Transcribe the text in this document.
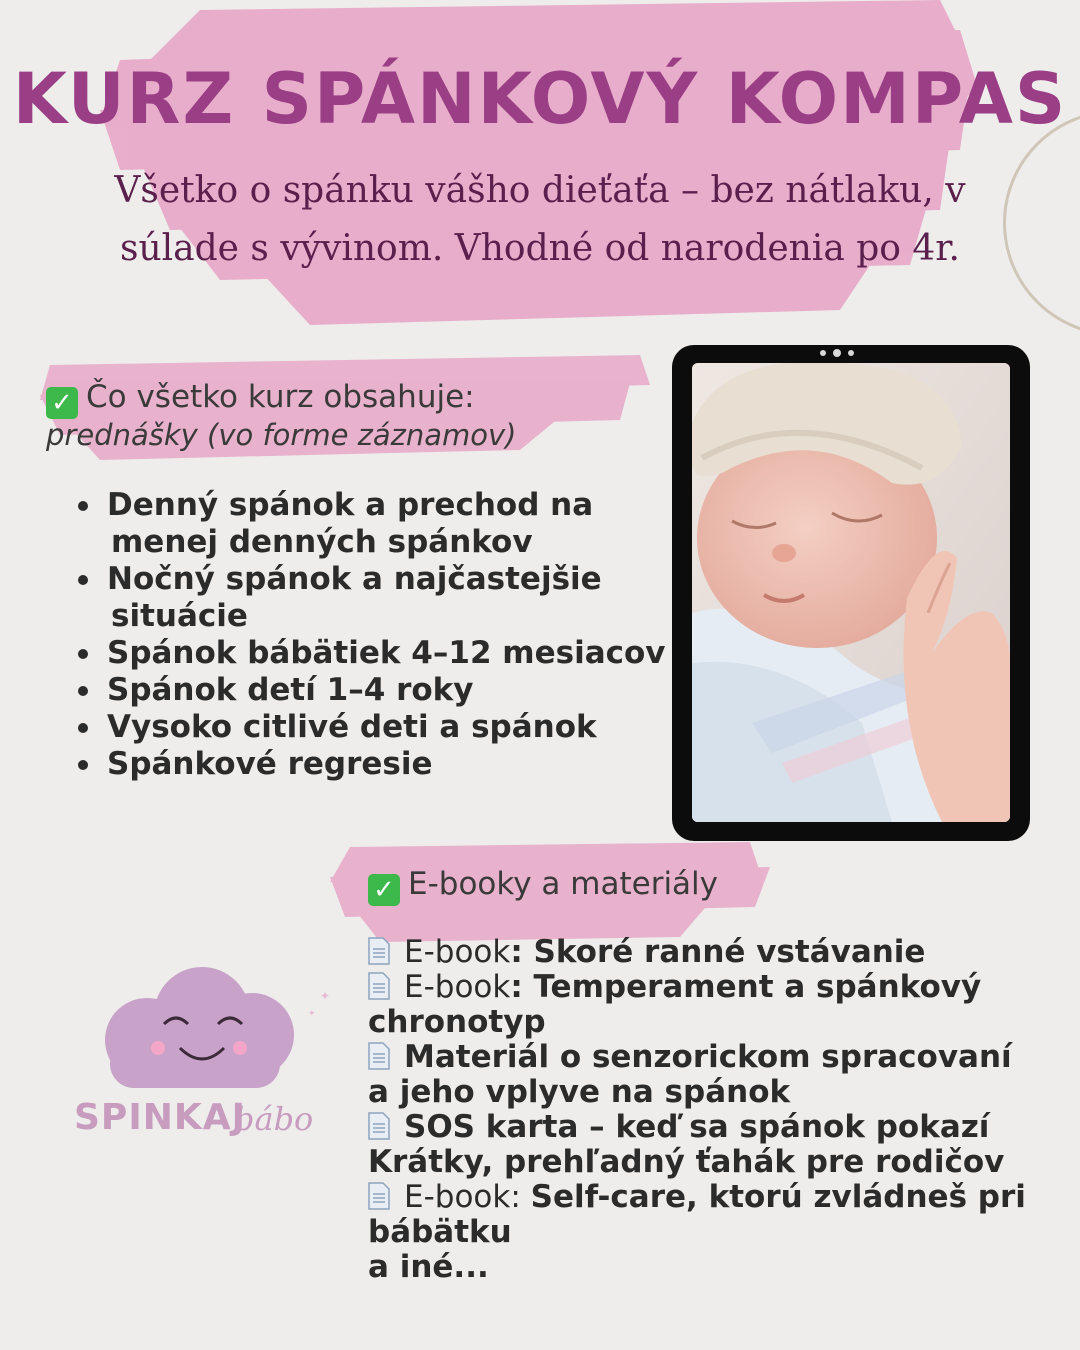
KURZ SPÁNKOVÝ KOMPAS

Všetko o spánku vášho dieťaťa – bez nátlaku, v
súlade s vývinom. Vhodné od narodenia po 4r.

✓ Čo všetko kurz obsahuje:
prednášky (vo forme záznamov)
Denný spánok a prechod na
menej denných spánkov
Nočný spánok a najčastejšie
situácie
Spánok bábätiek 4–12 mesiacov
Spánok detí 1–4 roky
Vysoko citlivé deti a spánok
Spánkové regresie
✓ E-booky a materiály
E-book: Skoré ranné vstávanie
E-book: Temperament a spánkový
chronotyp
Materiál o senzorickom spracovaní
a jeho vplyve na spánok
SOS karta – keď sa spánok pokazí
Krátky, prehľadný ťahák pre rodičov
E-book: Self-care, ktorú zvládneš pri
bábätku
a iné...
✦
✦
SPINKAJ
bábo
